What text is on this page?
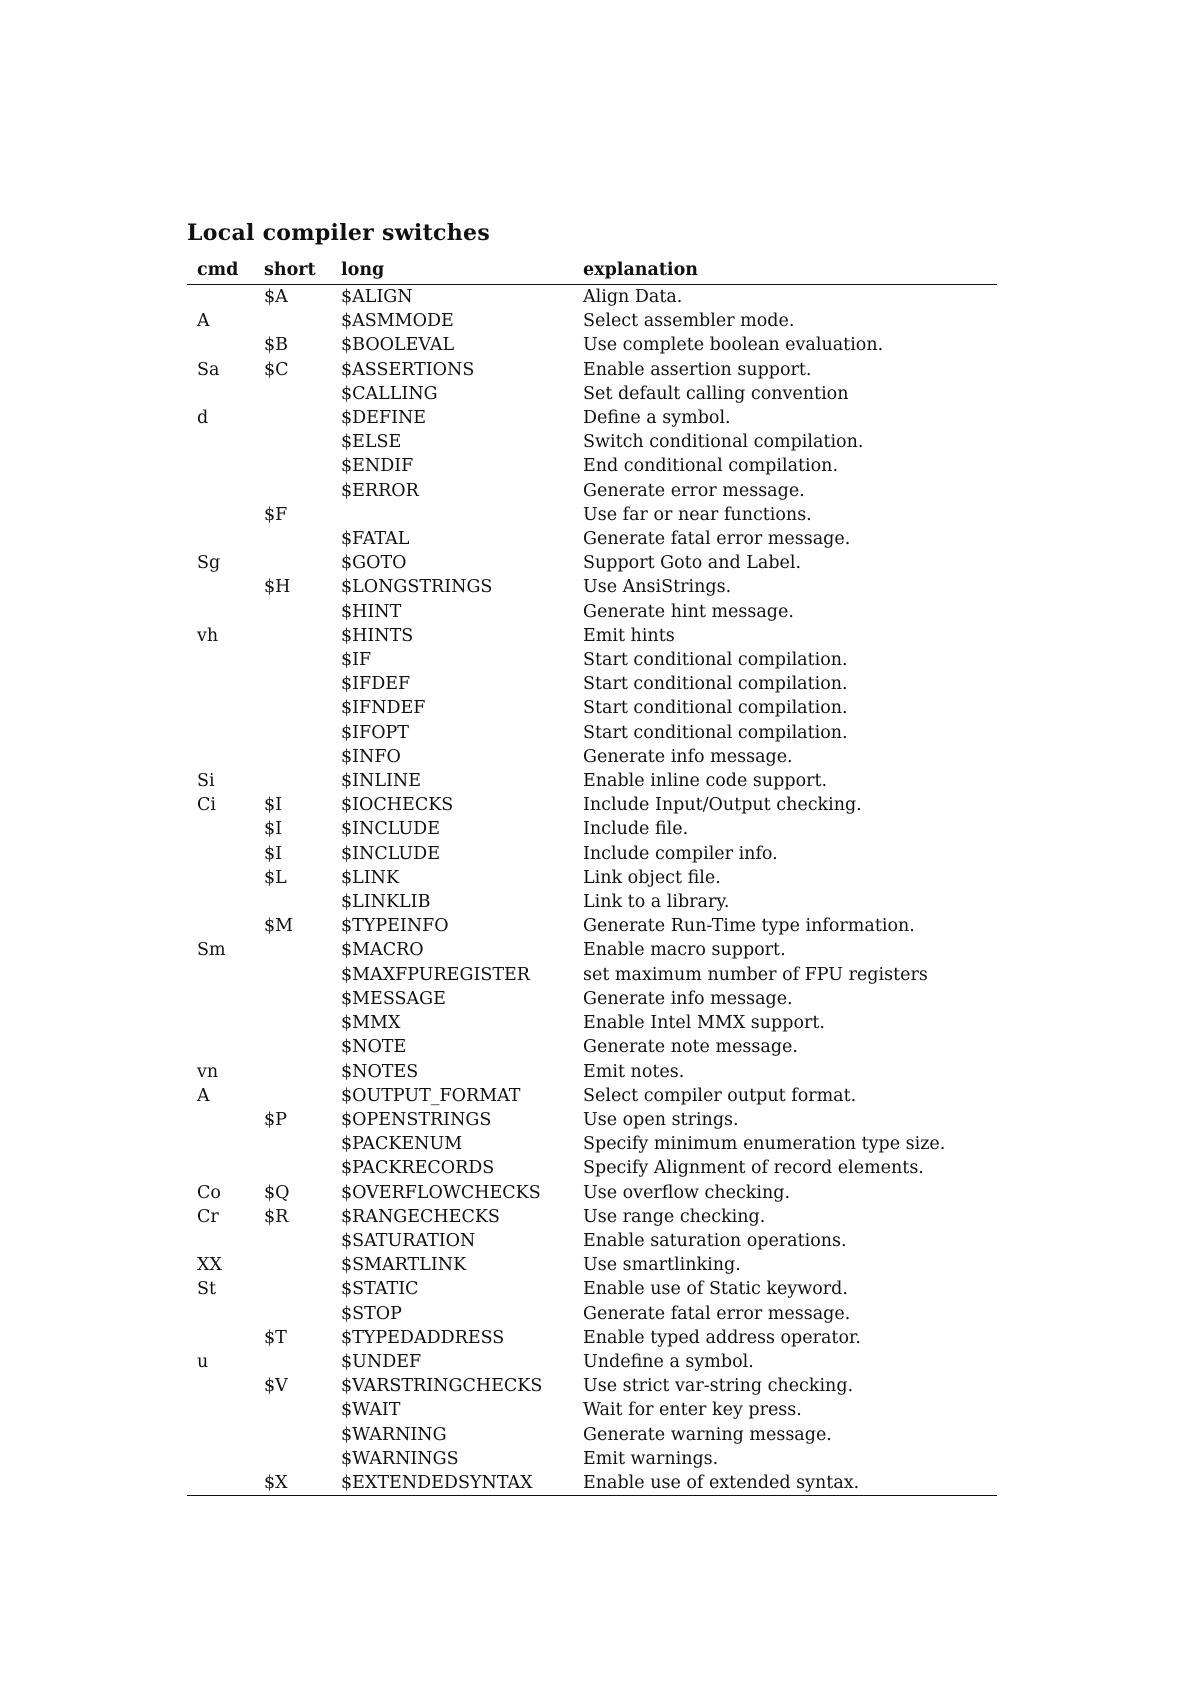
Local compiler switches
cmd	short	long	explanation
	$A	$ALIGN	Align Data.
A		$ASMMODE	Select assembler mode.
	$B	$BOOLEVAL	Use complete boolean evaluation.
Sa	$C	$ASSERTIONS	Enable assertion support.
		$CALLING	Set default calling convention
d		$DEFINE	Define a symbol.
		$ELSE	Switch conditional compilation.
		$ENDIF	End conditional compilation.
		$ERROR	Generate error message.
	$F		Use far or near functions.
		$FATAL	Generate fatal error message.
Sg		$GOTO	Support Goto and Label.
	$H	$LONGSTRINGS	Use AnsiStrings.
		$HINT	Generate hint message.
vh		$HINTS	Emit hints
		$IF	Start conditional compilation.
		$IFDEF	Start conditional compilation.
		$IFNDEF	Start conditional compilation.
		$IFOPT	Start conditional compilation.
		$INFO	Generate info message.
Si		$INLINE	Enable inline code support.
Ci	$I	$IOCHECKS	Include Input/Output checking.
	$I	$INCLUDE	Include file.
	$I	$INCLUDE	Include compiler info.
	$L	$LINK	Link object file.
		$LINKLIB	Link to a library.
	$M	$TYPEINFO	Generate Run-Time type information.
Sm		$MACRO	Enable macro support.
		$MAXFPUREGISTER	set maximum number of FPU registers
		$MESSAGE	Generate info message.
		$MMX	Enable Intel MMX support.
		$NOTE	Generate note message.
vn		$NOTES	Emit notes.
A		$OUTPUT_FORMAT	Select compiler output format.
	$P	$OPENSTRINGS	Use open strings.
		$PACKENUM	Specify minimum enumeration type size.
		$PACKRECORDS	Specify Alignment of record elements.
Co	$Q	$OVERFLOWCHECKS	Use overflow checking.
Cr	$R	$RANGECHECKS	Use range checking.
		$SATURATION	Enable saturation operations.
XX		$SMARTLINK	Use smartlinking.
St		$STATIC	Enable use of Static keyword.
		$STOP	Generate fatal error message.
	$T	$TYPEDADDRESS	Enable typed address operator.
u		$UNDEF	Undefine a symbol.
	$V	$VARSTRINGCHECKS	Use strict var-string checking.
		$WAIT	Wait for enter key press.
		$WARNING	Generate warning message.
		$WARNINGS	Emit warnings.
	$X	$EXTENDEDSYNTAX	Enable use of extended syntax.
